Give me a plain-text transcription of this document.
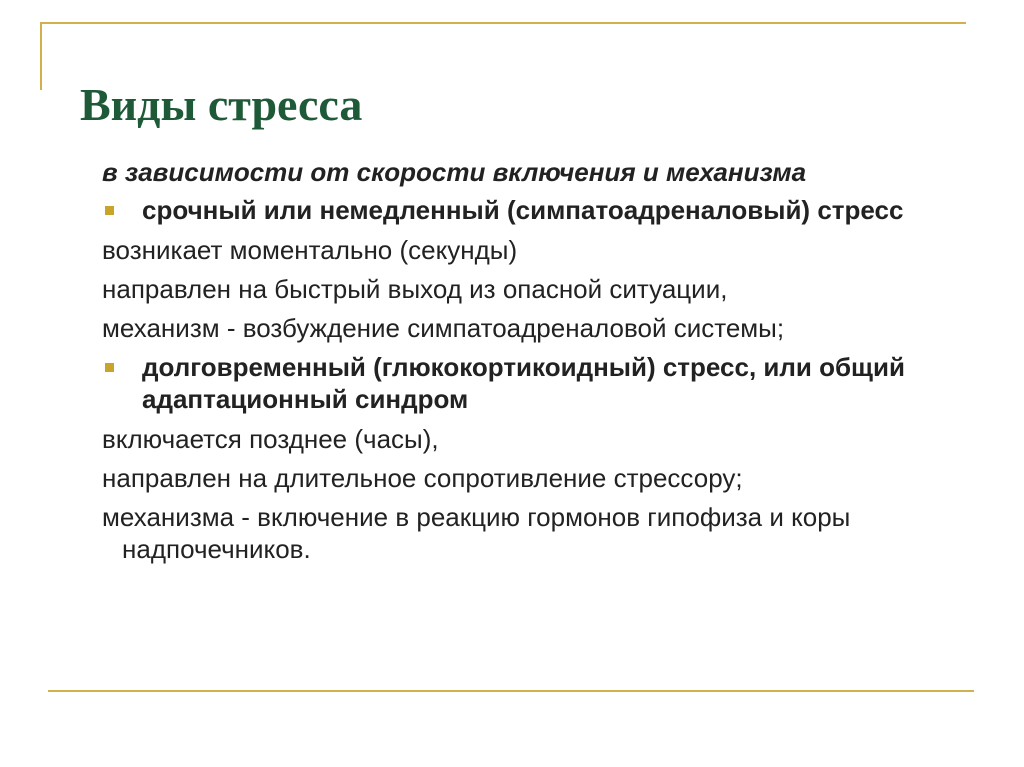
Виды стресса
в зависимости от скорости включения и механизма
срочный или немедленный (симпатоадреналовый) стресс
возникает моментально (секунды)
направлен на быстрый выход из опасной ситуации,
механизм - возбуждение симпатоадреналовой системы;
долговременный (глюкокортикоидный) стресс, или общий адаптационный синдром
включается позднее (часы),
направлен на длительное сопротивление стрессору;
механизма - включение в реакцию гормонов гипофиза и коры надпочечников.
